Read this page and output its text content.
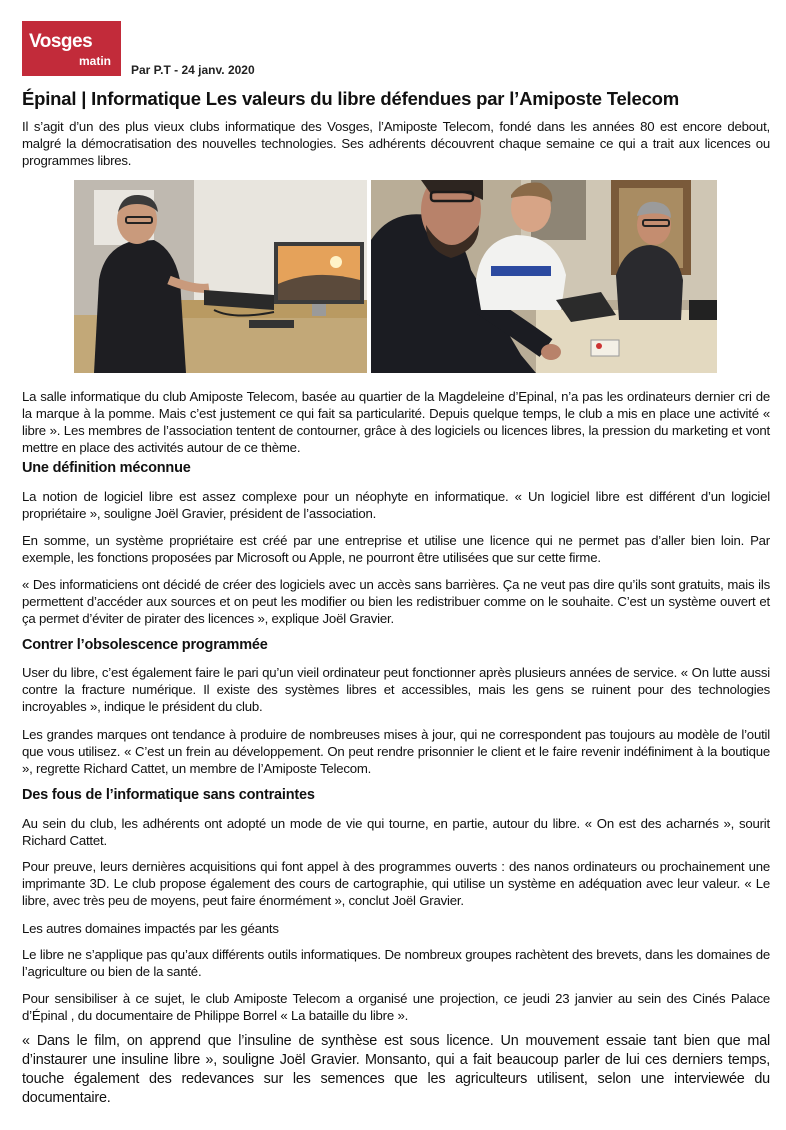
Vosges
matin
Par P.T - 24 janv. 2020
Épinal | Informatique Les valeurs du libre défendues par l’Amiposte Telecom

Il s’agit d’un des plus vieux clubs informatique des Vosges, l’Amiposte Telecom, fondé dans les années 80 est encore debout, malgré la démocratisation des nouvelles technologies. Ses adhérents découvrent chaque semaine ce qui a trait aux licences ou programmes libres.

La salle informatique du club Amiposte Telecom, basée au quartier de la Magdeleine d’Epinal, n’a pas les ordinateurs dernier cri de la marque à la pomme. Mais c’est justement ce qui fait sa particularité. Depuis quelque temps, le club a mis en place une activité « libre ». Les membres de l’association tentent de contourner, grâce à des logiciels ou licences libres, la pression du marketing et vont mettre en place des activités autour de ce thème.

Une définition méconnue

La notion de logiciel libre est assez complexe pour un néophyte en informatique. « Un logiciel libre est différent d’un logiciel propriétaire », souligne Joël Gravier, président de l’association.

En somme, un système propriétaire est créé par une entreprise et utilise une licence qui ne permet pas d’aller bien loin. Par exemple, les fonctions proposées par Microsoft ou Apple, ne pourront être utilisées que sur cette firme.

« Des informaticiens ont décidé de créer des logiciels avec un accès sans barrières. Ça ne veut pas dire qu’ils sont gratuits, mais ils permettent d’accéder aux sources et on peut les modifier ou bien les redistribuer comme on le souhaite. C’est un système ouvert et ça permet d’éviter de pirater des licences », explique Joël Gravier.

Contrer l’obsolescence programmée

User du libre, c’est également faire le pari qu’un vieil ordinateur peut fonctionner après plusieurs années de service. « On lutte aussi contre la fracture numérique. Il existe des systèmes libres et accessibles, mais les gens se ruinent pour des technologies incroyables », indique le président du club.

Les grandes marques ont tendance à produire de nombreuses mises à jour, qui ne correspondent pas toujours au modèle de l’outil que vous utilisez. « C’est un frein au développement. On peut rendre prisonnier le client et le faire revenir indéfiniment à la boutique », regrette Richard Cattet, un membre de l’Amiposte Telecom.

Des fous de l’informatique sans contraintes

Au sein du club, les adhérents ont adopté un mode de vie qui tourne, en partie, autour du libre. « On est des acharnés », sourit Richard Cattet.

Pour preuve, leurs dernières acquisitions qui font appel à des programmes ouverts : des nanos ordinateurs ou prochainement une imprimante 3D. Le club propose également des cours de cartographie, qui utilise un système en adéquation avec leur valeur. « Le libre, avec très peu de moyens, peut faire énormément », conclut Joël Gravier.

Les autres domaines impactés par les géants

Le libre ne s’applique pas qu’aux différents outils informatiques. De nombreux groupes rachètent des brevets, dans les domaines de l’agriculture ou bien de la santé.

Pour sensibiliser à ce sujet, le club Amiposte Telecom a organisé une projection, ce jeudi 23 janvier au sein des Cinés Palace d’Épinal , du documentaire de Philippe Borrel « La bataille du libre ».

« Dans le film, on apprend que l’insuline de synthèse est sous licence. Un mouvement essaie tant bien que mal d’instaurer une insuline libre », souligne Joël Gravier. Monsanto, qui a fait beaucoup parler de lui ces derniers temps, touche également des redevances sur les semences que les agriculteurs utilisent, selon une interviewée du documentaire.
